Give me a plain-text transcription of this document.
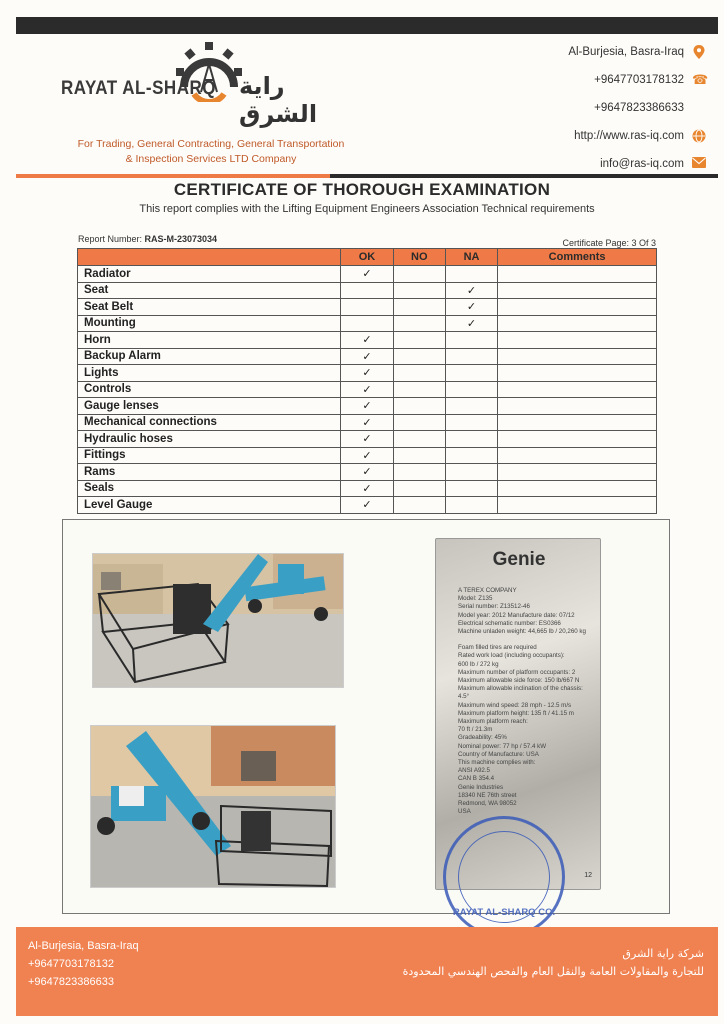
RAYAT AL-SHARQ راية الشرق
For Trading, General Contracting, General Transportation
& Inspection Services LTD Company
Al-Burjesia, Basra-Iraq
+9647703178132 ☎
+9647823386633
http://www.ras-iq.com
info@ras-iq.com
CERTIFICATE OF THOROUGH EXAMINATION
This report complies with the Lifting Equipment Engineers Association Technical requirements
Report Number: RAS-M-23073034	Certificate Page: 3 Of 3
	OK	NO	NA	Comments
Radiator	✓			
Seat			✓	
Seat Belt			✓	
Mounting			✓	
Horn	✓			
Backup Alarm	✓			
Lights	✓			
Controls	✓			
Gauge lenses	✓			
Mechanical connections	✓			
Hydraulic hoses	✓			
Fittings	✓			
Rams	✓			
Seals	✓			
Level Gauge	✓			
Genie
A TEREX COMPANY
Model: Z135
Serial number: Z13512-46
Model year: 2012 Manufacture date: 07/12
Electrical schematic number: ES0366
Machine unladen weight: 44,665 lb / 20,260 kg
Foam filled tires are required
Rated work load (including occupants):
600 lb / 272 kg
Maximum number of platform occupants: 2
Maximum allowable side force: 150 lb/667 N
Maximum allowable inclination of the chassis:
4.5°
Maximum wind speed: 28 mph - 12.5 m/s
Maximum platform height: 135 ft / 41.15 m
Maximum platform reach:
70 ft / 21.3m
Gradeability: 45%
Nominal power: 77 hp / 57.4 kW
Country of Manufacture: USA
This machine complies with:
ANSI A92.5
CAN B 354.4
Genie Industries
18340 NE 76th street
Redmond, WA 98052
USA
12
RAYAT AL-SHARQ CO.
Al-Burjesia, Basra-Iraq
+9647703178132
+9647823386633
شركة راية الشرق
للتجارة والمقاولات العامة والنقل العام والفحص الهندسي المحدودة
